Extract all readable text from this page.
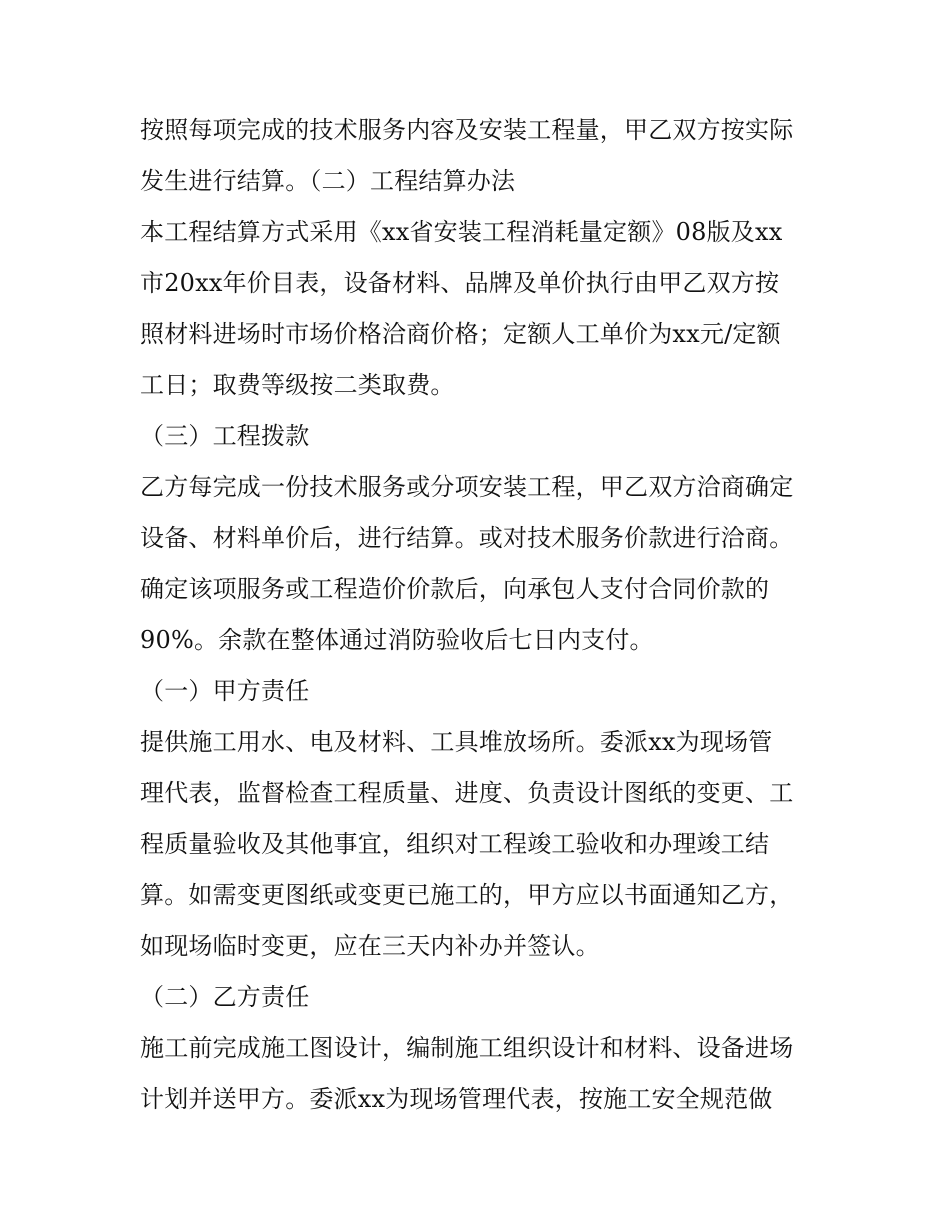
按照每项完成的技术服务内容及安装工程量，甲乙双方按实际
发生进行结算。（二）工程结算办法
本工程结算方式采用《xx省安装工程消耗量定额》08版及xx
市20xx年价目表，设备材料、品牌及单价执行由甲乙双方按
照材料进场时市场价格洽商价格；定额人工单价为xx元/定额
工日；取费等级按二类取费。
（三）工程拨款
乙方每完成一份技术服务或分项安装工程，甲乙双方洽商确定
设备、材料单价后，进行结算。或对技术服务价款进行洽商。
确定该项服务或工程造价价款后，向承包人支付合同价款的
90%。余款在整体通过消防验收后七日内支付。
（一）甲方责任
提供施工用水、电及材料、工具堆放场所。委派xx为现场管
理代表，监督检查工程质量、进度、负责设计图纸的变更、工
程质量验收及其他事宜，组织对工程竣工验收和办理竣工结
算。如需变更图纸或变更已施工的，甲方应以书面通知乙方，
如现场临时变更，应在三天内补办并签认。
（二）乙方责任
施工前完成施工图设计，编制施工组织设计和材料、设备进场
计划并送甲方。委派xx为现场管理代表，按施工安全规范做
